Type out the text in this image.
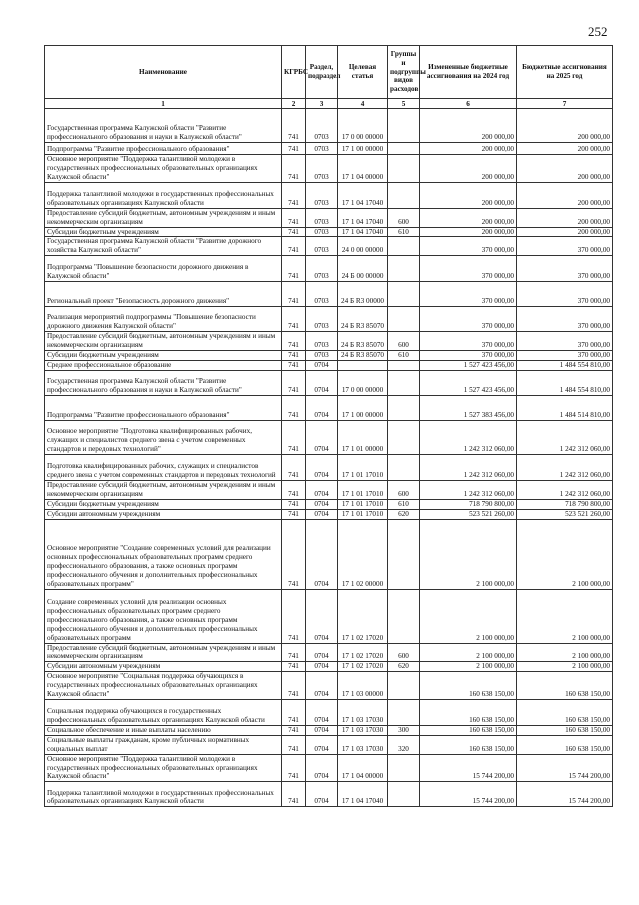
252
Наименование	КГРБС	Раздел, подраздел	Целевая статья	Группы и подгруппы видов расходов	Измененные бюджетные ассигнования на 2024 год	Бюджетные ассигнования на 2025 год
1	2	3	4	5	6	7
Государственная программа Калужской области "Развитие профессионального образования и науки в Калужской области"	741	0703	17 0 00 00000		200 000,00	200 000,00
Подпрограмма "Развитие профессионального образования"	741	0703	17 1 00 00000		200 000,00	200 000,00
Основное мероприятие "Поддержка талантливой молодежи в государственных профессиональных образовательных организациях Калужской области"	741	0703	17 1 04 00000		200 000,00	200 000,00
Поддержка талантливой молодежи в государственных профессиональных образовательных организациях Калужской области	741	0703	17 1 04 17040		200 000,00	200 000,00
Предоставление субсидий бюджетным, автономным учреждениям и иным некоммерческим организациям	741	0703	17 1 04 17040	600	200 000,00	200 000,00
Субсидии бюджетным учреждениям	741	0703	17 1 04 17040	610	200 000,00	200 000,00
Государственная программа Калужской области "Развитие дорожного хозяйства Калужской области"	741	0703	24 0 00 00000		370 000,00	370 000,00
Подпрограмма "Повышение безопасности дорожного движения в Калужской области"	741	0703	24 Б 00 00000		370 000,00	370 000,00
Региональный проект "Безопасность дорожного движения"	741	0703	24 Б R3 00000		370 000,00	370 000,00
Реализация мероприятий подпрограммы "Повышение безопасности дорожного движения Калужской области"	741	0703	24 Б R3 85070		370 000,00	370 000,00
Предоставление субсидий бюджетным, автономным учреждениям и иным некоммерческим организациям	741	0703	24 Б R3 85070	600	370 000,00	370 000,00
Субсидии бюджетным учреждениям	741	0703	24 Б R3 85070	610	370 000,00	370 000,00
Среднее профессиональное образование	741	0704			1 527 423 456,00	1 484 554 810,00
Государственная программа Калужской области "Развитие профессионального образования и науки в Калужской области"	741	0704	17 0 00 00000		1 527 423 456,00	1 484 554 810,00
Подпрограмма "Развитие профессионального образования"	741	0704	17 1 00 00000		1 527 383 456,00	1 484 514 810,00
Основное мероприятие "Подготовка квалифицированных рабочих, служащих и специалистов среднего звена с учетом современных стандартов и передовых технологий"	741	0704	17 1 01 00000		1 242 312 060,00	1 242 312 060,00
Подготовка квалифицированных рабочих, служащих и специалистов среднего звена с учетом современных стандартов и передовых технологий	741	0704	17 1 01 17010		1 242 312 060,00	1 242 312 060,00
Предоставление субсидий бюджетным, автономным учреждениям и иным некоммерческим организациям	741	0704	17 1 01 17010	600	1 242 312 060,00	1 242 312 060,00
Субсидии бюджетным учреждениям	741	0704	17 1 01 17010	610	718 790 800,00	718 790 800,00
Субсидии автономным учреждениям	741	0704	17 1 01 17010	620	523 521 260,00	523 521 260,00
Основное мероприятие "Создание современных условий для реализации основных профессиональных образовательных программ среднего профессионального образования, а также основных программ профессионального обучения и дополнительных профессиональных образовательных программ"	741	0704	17 1 02 00000		2 100 000,00	2 100 000,00
Создание современных условий для реализации основных профессиональных образовательных программ среднего профессионального образования, а также основных программ профессионального обучения и дополнительных профессиональных образовательных программ	741	0704	17 1 02 17020		2 100 000,00	2 100 000,00
Предоставление субсидий бюджетным, автономным учреждениям и иным некоммерческим организациям	741	0704	17 1 02 17020	600	2 100 000,00	2 100 000,00
Субсидии автономным учреждениям	741	0704	17 1 02 17020	620	2 100 000,00	2 100 000,00
Основное мероприятие "Социальная поддержка обучающихся в государственных профессиональных образовательных организациях Калужской области"	741	0704	17 1 03 00000		160 638 150,00	160 638 150,00
Социальная поддержка обучающихся в государственных профессиональных образовательных организациях Калужской области	741	0704	17 1 03 17030		160 638 150,00	160 638 150,00
Социальное обеспечение и иные выплаты населению	741	0704	17 1 03 17030	300	160 638 150,00	160 638 150,00
Социальные выплаты гражданам, кроме публичных нормативных социальных выплат	741	0704	17 1 03 17030	320	160 638 150,00	160 638 150,00
Основное мероприятие "Поддержка талантливой молодежи в государственных профессиональных образовательных организациях Калужской области"	741	0704	17 1 04 00000		15 744 200,00	15 744 200,00
Поддержка талантливой молодежи в государственных профессиональных образовательных организациях Калужской области	741	0704	17 1 04 17040		15 744 200,00	15 744 200,00
